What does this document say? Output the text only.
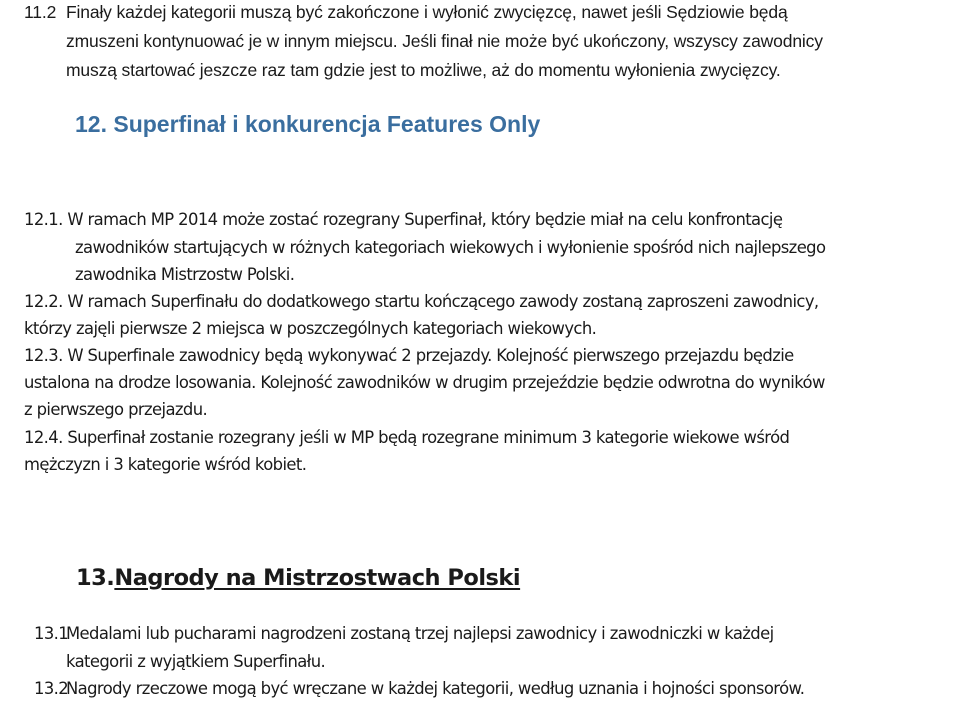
11.2 Finały każdej kategorii muszą być zakończone i wyłonić zwycięzcę, nawet jeśli Sędziowie będą
zmuszeni kontynuować je w innym miejscu. Jeśli finał nie może być ukończony, wszyscy zawodnicy
muszą startować jeszcze raz tam gdzie jest to możliwe, aż do momentu wyłonienia zwycięzcy.
12. Superfinał i konkurencja Features Only
12.1. W ramach MP 2014 może zostać rozegrany Superfinał, który będzie miał na celu konfrontację
zawodników startujących w różnych kategoriach wiekowych i wyłonienie spośród nich najlepszego
zawodnika Mistrzostw Polski.
12.2. W ramach Superfinału do dodatkowego startu kończącego zawody zostaną zaproszeni zawodnicy,
którzy zajęli pierwsze 2 miejsca w poszczególnych kategoriach wiekowych.
12.3. W Superfinale zawodnicy będą wykonywać 2 przejazdy. Kolejność pierwszego przejazdu będzie
ustalona na drodze losowania. Kolejność zawodników w drugim przejeździe będzie odwrotna do wyników
z pierwszego przejazdu.
12.4. Superfinał zostanie rozegrany jeśli w MP będą rozegrane minimum 3 kategorie wiekowe wśród
mężczyzn i 3 kategorie wśród kobiet.
13.Nagrody na Mistrzostwach Polski
13.1Medalami lub pucharami nagrodzeni zostaną trzej najlepsi zawodnicy i zawodniczki w każdej
kategorii z wyjątkiem Superfinału.
13.2Nagrody rzeczowe mogą być wręczane w każdej kategorii, według uznania i hojności sponsorów.
